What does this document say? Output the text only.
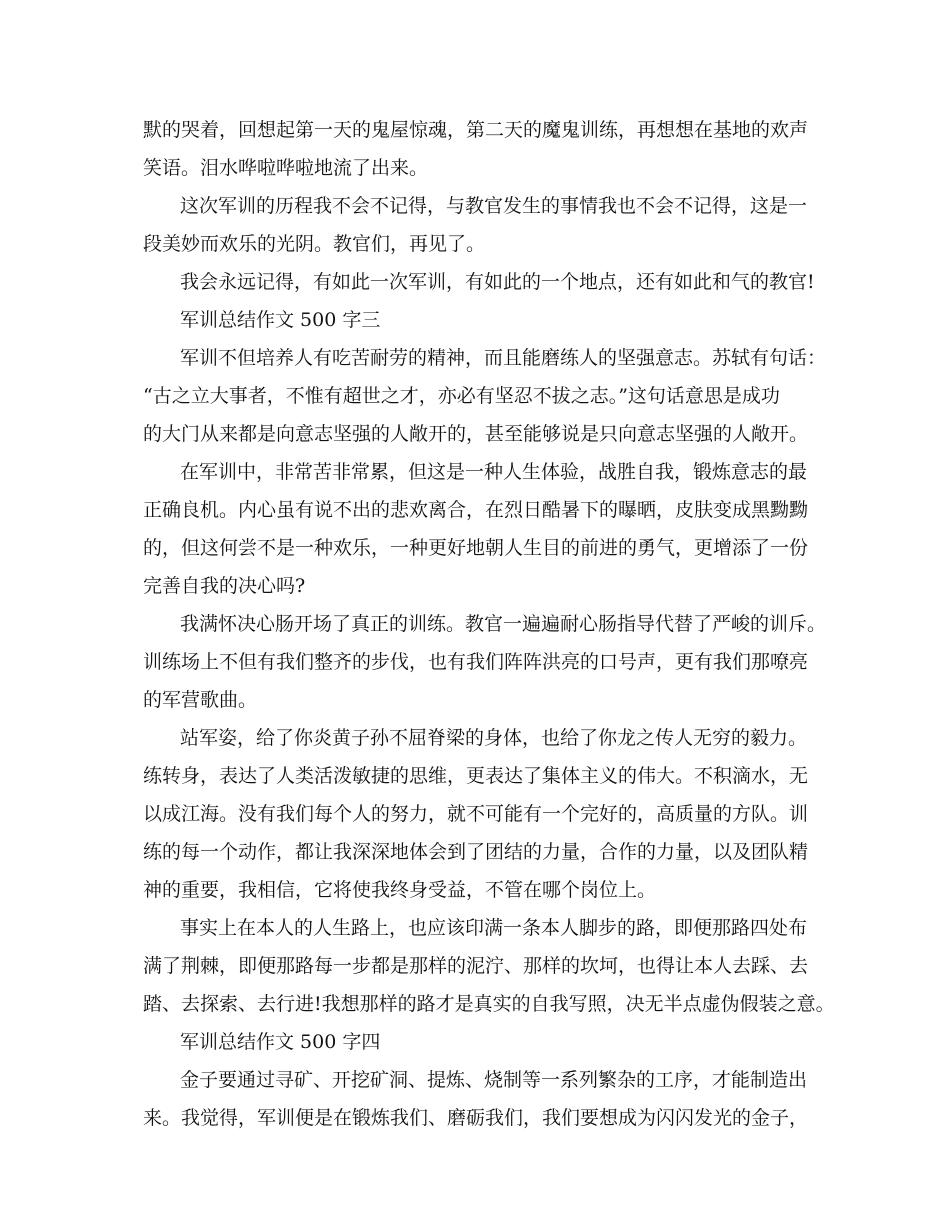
默的哭着，回想起第一天的鬼屋惊魂，第二天的魔鬼训练，再想想在基地的欢声
笑语。泪水哗啦哗啦地流了出来。
这次军训的历程我不会不记得，与教官发生的事情我也不会不记得，这是一
段美妙而欢乐的光阴。教官们，再见了。
我会永远记得，有如此一次军训，有如此的一个地点，还有如此和气的教官!
军训总结作文 500 字三
军训不但培养人有吃苦耐劳的精神，而且能磨练人的坚强意志。苏轼有句话：
“古之立大事者，不惟有超世之才，亦必有坚忍不拔之志。”这句话意思是成功
的大门从来都是向意志坚强的人敞开的，甚至能够说是只向意志坚强的人敞开。
在军训中，非常苦非常累，但这是一种人生体验，战胜自我，锻炼意志的最
正确良机。内心虽有说不出的悲欢离合，在烈日酷暑下的曝晒，皮肤变成黑黝黝
的，但这何尝不是一种欢乐，一种更好地朝人生目的前进的勇气，更增添了一份
完善自我的决心吗?
我满怀决心肠开场了真正的训练。教官一遍遍耐心肠指导代替了严峻的训斥。
训练场上不但有我们整齐的步伐，也有我们阵阵洪亮的口号声，更有我们那嘹亮
的军营歌曲。
站军姿，给了你炎黄子孙不屈脊梁的身体，也给了你龙之传人无穷的毅力。
练转身，表达了人类活泼敏捷的思维，更表达了集体主义的伟大。不积滴水，无
以成江海。没有我们每个人的努力，就不可能有一个完好的，高质量的方队。训
练的每一个动作，都让我深深地体会到了团结的力量，合作的力量，以及团队精
神的重要，我相信，它将使我终身受益，不管在哪个岗位上。
事实上在本人的人生路上，也应该印满一条本人脚步的路，即便那路四处布
满了荆棘，即便那路每一步都是那样的泥泞、那样的坎坷，也得让本人去踩、去
踏、去探索、去行进!我想那样的路才是真实的自我写照，决无半点虚伪假装之意。
军训总结作文 500 字四
金子要通过寻矿、开挖矿洞、提炼、烧制等一系列繁杂的工序，才能制造出
来。我觉得，军训便是在锻炼我们、磨砺我们，我们要想成为闪闪发光的金子，
